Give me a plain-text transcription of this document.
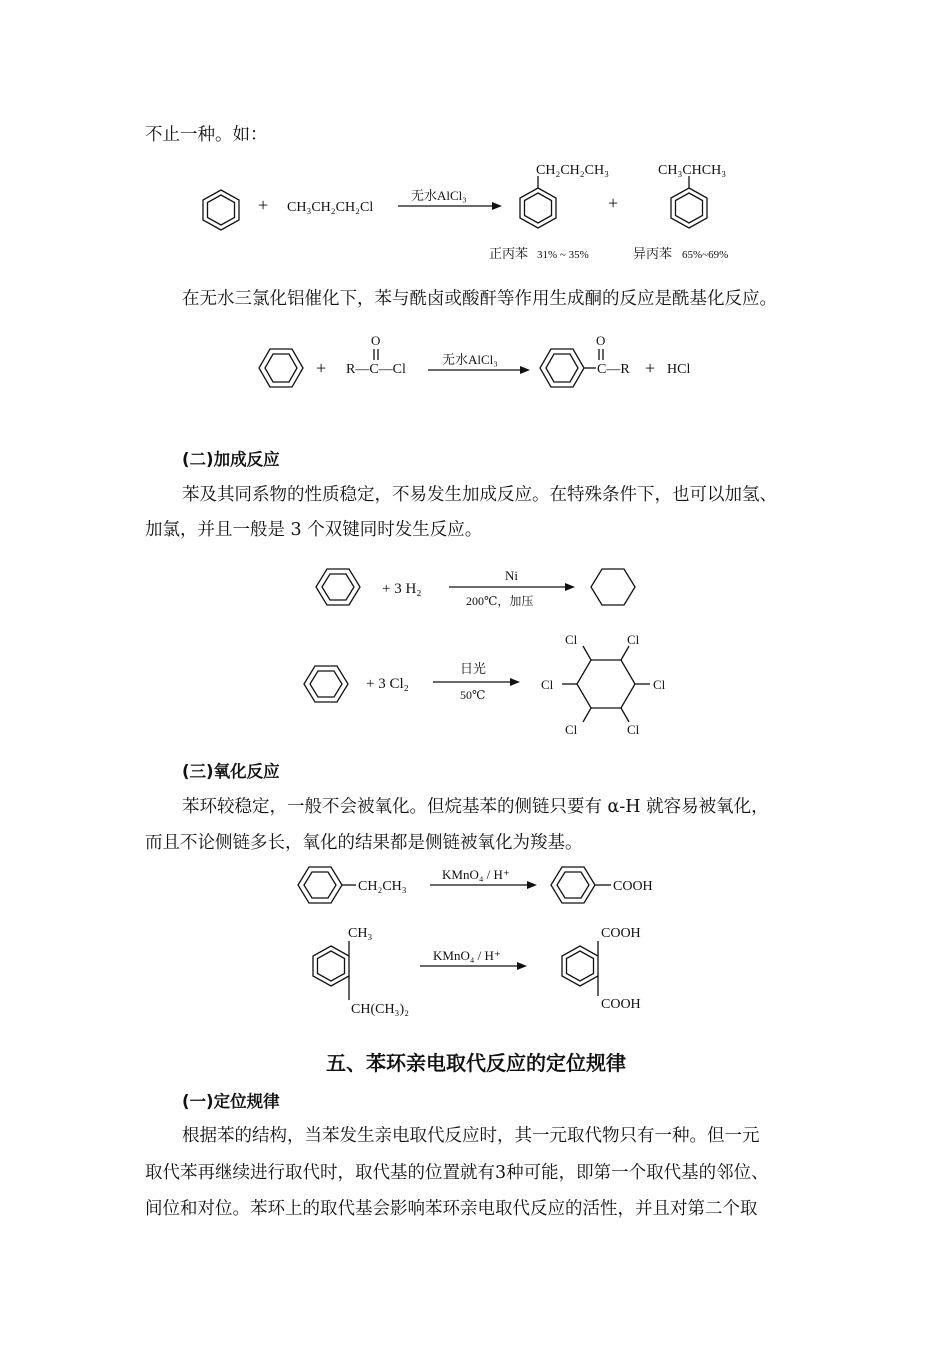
不止一种。如：
+ CH₃CH₂CH₂Cl
无水AlCl₃
CH₂CH₂CH₃
+
CH₃CHCH₃
正丙苯 31% ~ 35%	异丙苯 65%~69%
在无水三氯化铝催化下，苯与酰卤或酸酐等作用生成酮的反应是酰基化反应。
+
O
R—C—Cl
无水AlCl₃
O
C—R + HCl
(二)加成反应
苯及其同系物的性质稳定，不易发生加成反应。在特殊条件下，也可以加氢、
加氯，并且一般是 3 个双键同时发生反应。
+ 3 H₂
Ni
200℃，加压
+ 3 Cl₂
日光
50℃
Cl	Cl
Cl	Cl
Cl	Cl
(三)氧化反应
苯环较稳定，一般不会被氧化。但烷基苯的侧链只要有 α-H 就容易被氧化，
而且不论侧链多长，氧化的结果都是侧链被氧化为羧基。
CH₂CH₃
KMnO₄ / H⁺
COOH
CH₃
CH(CH₃)₂
KMnO₄ / H⁺
COOH
COOH
五、苯环亲电取代反应的定位规律
(一)定位规律
根据苯的结构，当苯发生亲电取代反应时，其一元取代物只有一种。但一元
取代苯再继续进行取代时，取代基的位置就有3种可能，即第一个取代基的邻位、
间位和对位。苯环上的取代基会影响苯环亲电取代反应的活性，并且对第二个取
